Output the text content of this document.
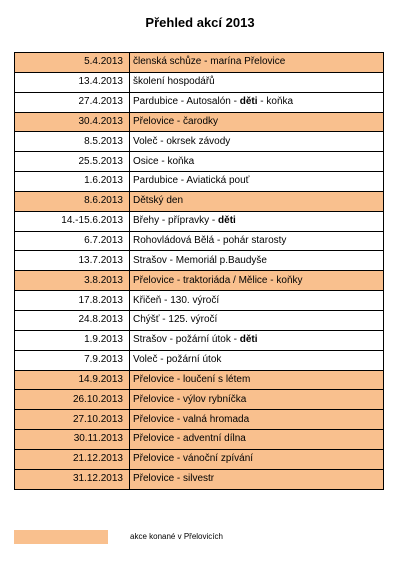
Přehled akcí 2013
5.4.2013	členská schůze - marína Přelovice
13.4.2013	školení hospodářů
27.4.2013	Pardubice - Autosalón - děti - koňka
30.4.2013	Přelovice - čarodky
8.5.2013	Voleč - okrsek závody
25.5.2013	Osice - koňka
1.6.2013	Pardubice - Aviatická pouť
8.6.2013	Dětský den
14.-15.6.2013	Břehy - přípravky - děti
6.7.2013	Rohovládová Bělá - pohár starosty
13.7.2013	Strašov - Memoriál p.Baudyše
3.8.2013	Přelovice - traktoriáda / Mělice - koňky
17.8.2013	Křičeň - 130. výročí
24.8.2013	Chýšť - 125. výročí
1.9.2013	Strašov - požární útok - děti
7.9.2013	Voleč - požární útok
14.9.2013	Přelovice - loučení s létem
26.10.2013	Přelovice - výlov rybníčka
27.10.2013	Přelovice - valná hromada
30.11.2013	Přelovice - adventní dílna
21.12.2013	Přelovice - vánoční zpívání
31.12.2013	Přelovice - silvestr
akce konané v Přelovicích
